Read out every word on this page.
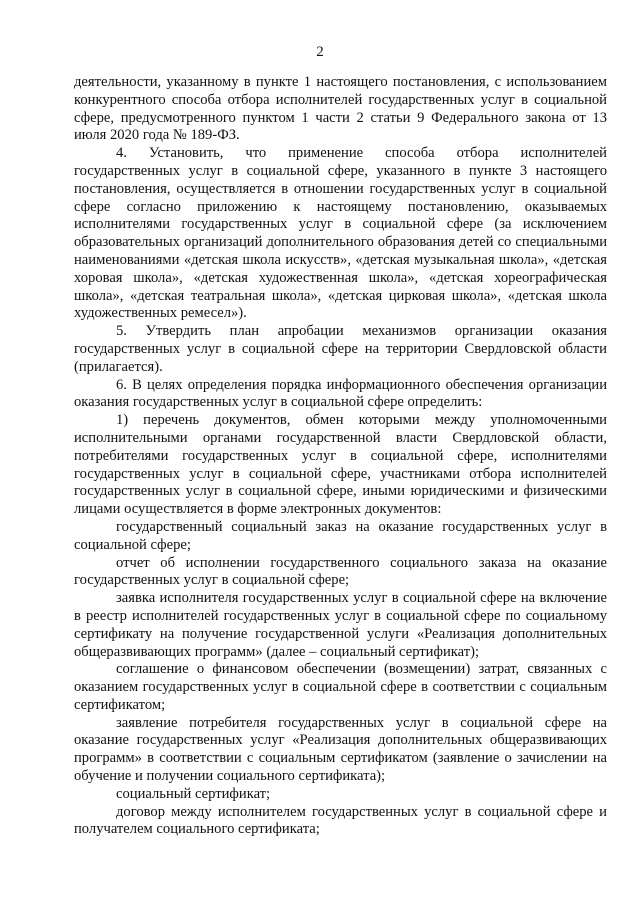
2

деятельности, указанному в пункте 1 настоящего постановления, с использованием конкурентного способа отбора исполнителей государственных услуг в социальной сфере, предусмотренного пунктом 1 части 2 статьи 9 Федерального закона от 13 июля 2020 года № 189-ФЗ.

4. Установить, что применение способа отбора исполнителей государственных услуг в социальной сфере, указанного в пункте 3 настоящего постановления, осуществляется в отношении государственных услуг в социальной сфере согласно приложению к настоящему постановлению, оказываемых исполнителями государственных услуг в социальной сфере (за исключением образовательных организаций дополнительного образования детей со специальными наименованиями «детская школа искусств», «детская музыкальная школа», «детская хоровая школа», «детская художественная школа», «детская хореографическая школа», «детская театральная школа», «детская цирковая школа», «детская школа художественных ремесел»).

5. Утвердить план апробации механизмов организации оказания государственных услуг в социальной сфере на территории Свердловской области (прилагается).

6. В целях определения порядка информационного обеспечения организации оказания государственных услуг в социальной сфере определить:

1) перечень документов, обмен которыми между уполномоченными исполнительными органами государственной власти Свердловской области, потребителями государственных услуг в социальной сфере, исполнителями государственных услуг в социальной сфере, участниками отбора исполнителей государственных услуг в социальной сфере, иными юридическими и физическими лицами осуществляется в форме электронных документов:

государственный социальный заказ на оказание государственных услуг в социальной сфере;

отчет об исполнении государственного социального заказа на оказание государственных услуг в социальной сфере;

заявка исполнителя государственных услуг в социальной сфере на включение в реестр исполнителей государственных услуг в социальной сфере по социальному сертификату на получение государственной услуги «Реализация дополнительных общеразвивающих программ» (далее – социальный сертификат);

соглашение о финансовом обеспечении (возмещении) затрат, связанных с оказанием государственных услуг в социальной сфере в соответствии с социальным сертификатом;

заявление потребителя государственных услуг в социальной сфере на оказание государственных услуг «Реализация дополнительных общеразвивающих программ» в соответствии с социальным сертификатом (заявление о зачислении на обучение и получении социального сертификата);

социальный сертификат;

договор между исполнителем государственных услуг в социальной сфере и получателем социального сертификата;
